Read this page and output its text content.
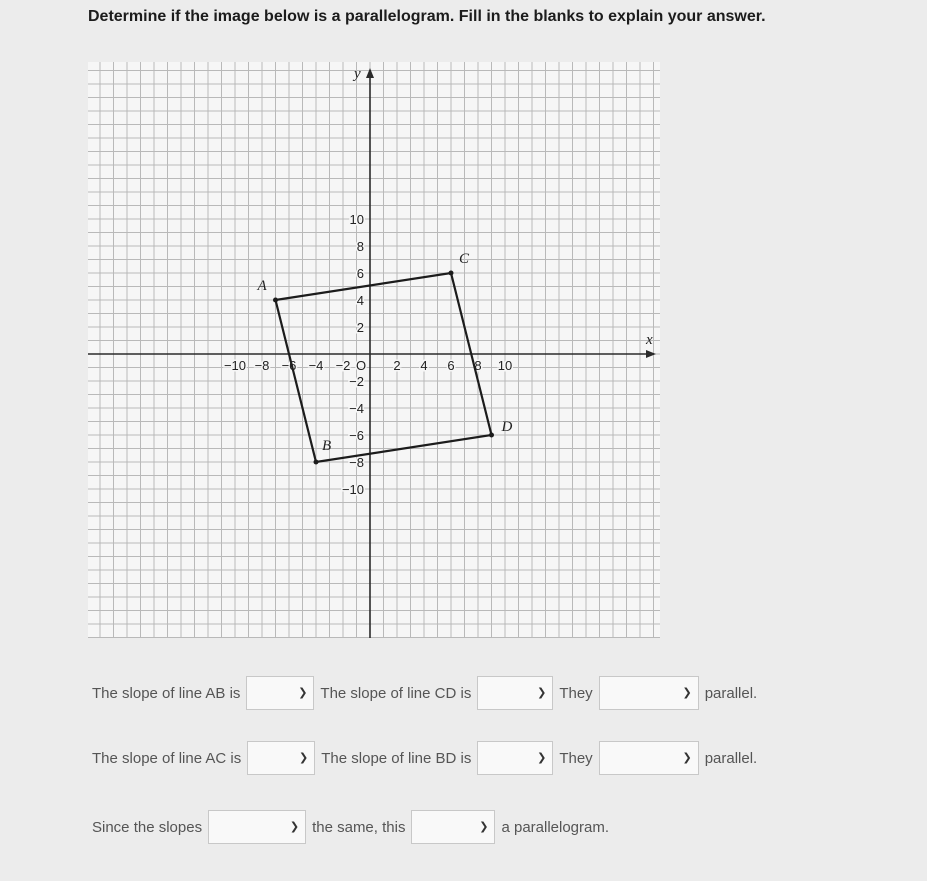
Determine if the image below is a parallelogram. Fill in the blanks to explain your answer.
x
y
−10 −8 −6 −4 −2 O 2 4 6 8 10
10
8
6
4
2
−2
−4
−6
−8
−10
A
C
D
B
The slope of line AB is	❯ The slope of line CD is	❯ They	❯ parallel.
The slope of line AC is	❯ The slope of line BD is	❯ They	❯ parallel.
Since the slopes	❯ the same, this	❯ a parallelogram.
